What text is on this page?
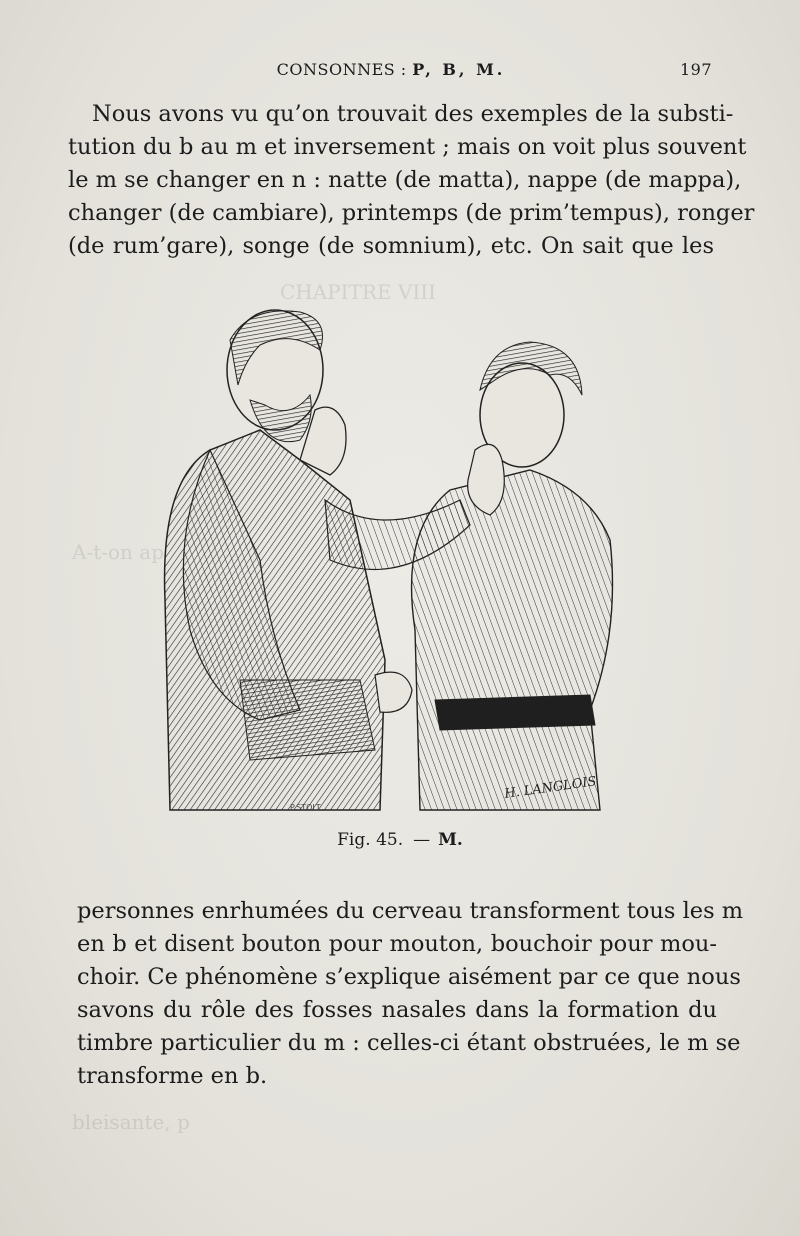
CHAPITRE VIII
A-t-on ap
bleisante, p
CONSONNES : P, B, M.	197
Nous avons vu qu’on trouvait des exemples de la substi-
tution du b au m et inversement ; mais on voit plus souvent
le m se changer en n : natte (de matta), nappe (de mappa),
changer (de cambiare), printemps (de prim’tempus), ronger
(de rum’gare), songe (de somnium), etc. On sait que les
P.STOLT
H. LANGLOIS
Fig. 45. — M.
personnes enrhumées du cerveau transforment tous les m
en b et disent bouton pour mouton, bouchoir pour mou-
choir. Ce phénomène s’explique aisément par ce que nous
savons du rôle des fosses nasales dans la formation du
timbre particulier du m : celles-ci étant obstruées, le m se
transforme en b.
